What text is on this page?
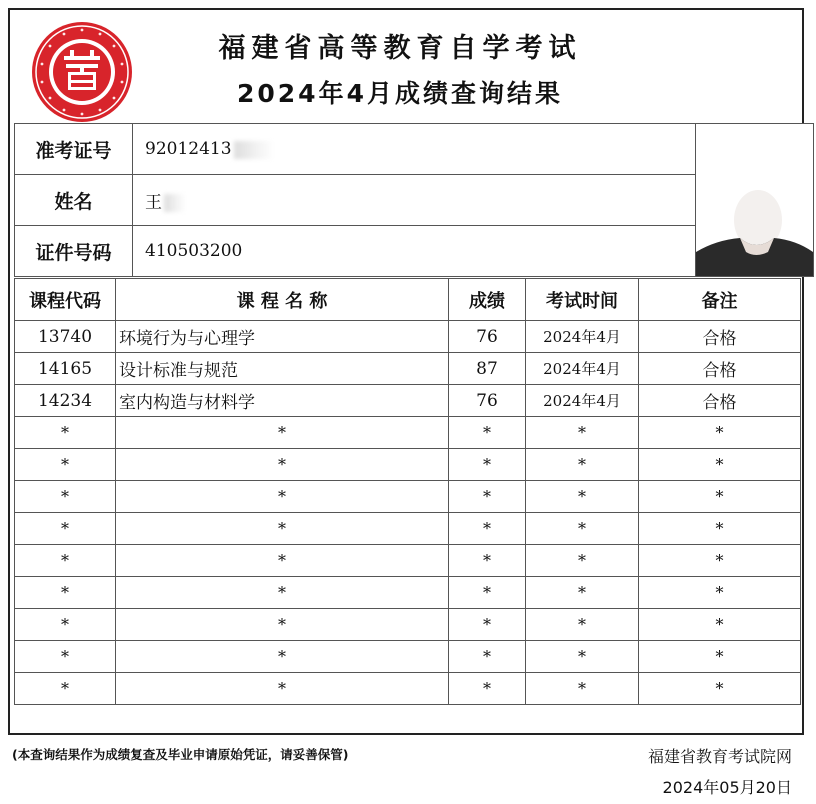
福建省高等教育自学考试
2024年4月成绩查询结果
准考证号	92012413	

姓名	王	
证件号码	410503200	
课程代码	课 程 名 称	成绩	考试时间	备注
13740	环境行为与心理学	76	2024年4月	合格
14165	设计标准与规范	87	2024年4月	合格
14234	室内构造与材料学	76	2024年4月	合格
*	*	*	*	*
*	*	*	*	*
*	*	*	*	*
*	*	*	*	*
*	*	*	*	*
*	*	*	*	*
*	*	*	*	*
*	*	*	*	*
*	*	*	*	*
(本查询结果作为成绩复查及毕业申请原始凭证，请妥善保管)	福建省教育考试院网
2024年05月20日
